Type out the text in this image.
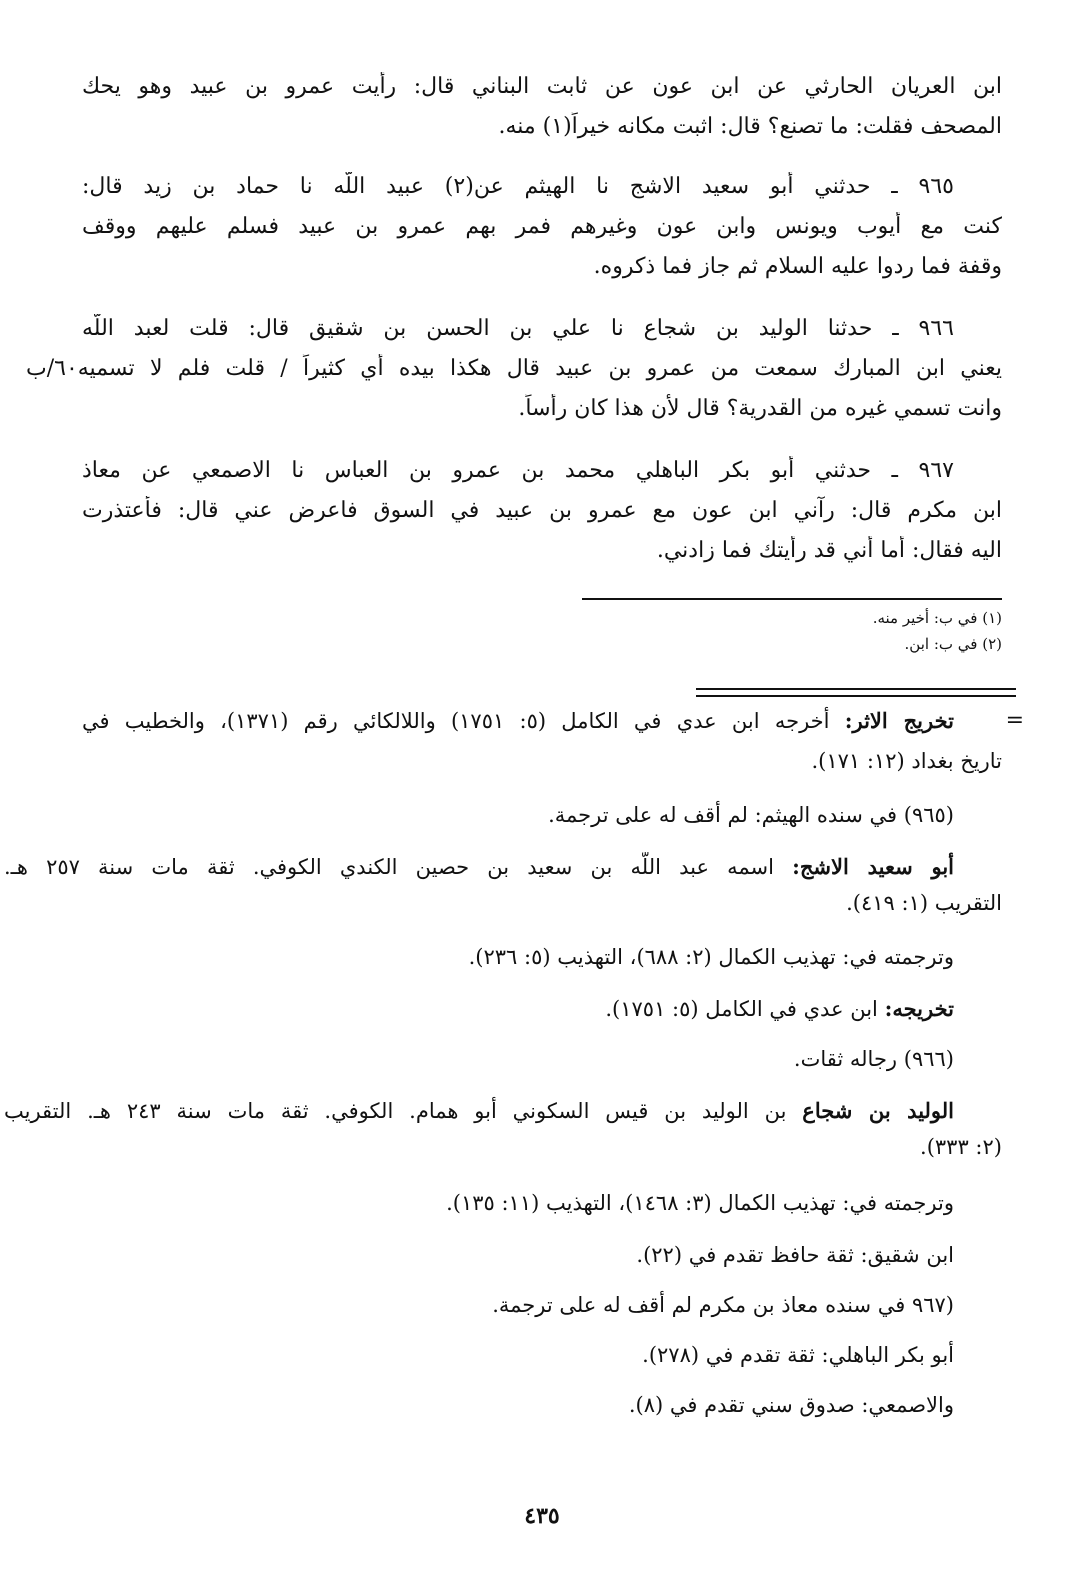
ابن العريان الحارثي عن ابن عون عن ثابت البناني قال: رأيت عمرو بن عبيد وهو يحك
المصحف فقلت: ما تصنع؟ قال: اثبت مكانه خيراً(١) منه.
٩٦٥ ـ حدثني أبو سعيد الاشج نا الهيثم عن(٢) عبيد اللّه نا حماد بن زيد قال:
كنت مع أيوب ويونس وابن عون وغيرهم فمر بهم عمرو بن عبيد فسلم عليهم ووقف
وقفة فما ردوا عليه السلام ثم جاز فما ذكروه.
٩٦٦ ـ حدثنا الوليد بن شجاع نا علي بن الحسن بن شقيق قال: قلت لعبد اللّه
يعني ابن المبارك سمعت من عمرو بن عبيد قال هكذا بيده أي كثيراً / قلت فلم لا تسميه٦٠/ب
وانت تسمي غيره من القدرية؟ قال لأن هذا كان رأساً.
٩٦٧ ـ حدثني أبو بكر الباهلي محمد بن عمرو بن العباس نا الاصمعي عن معاذ
ابن مكرم قال: رآني ابن عون مع عمرو بن عبيد في السوق فاعرض عني قال: فأعتذرت
اليه فقال: أما أني قد رأيتك فما زادني.
(١) في ب: أخير منه.
(٢) في ب: ابن.
=
تخريج الاثر: أخرجه ابن عدي في الكامل (٥: ١٧٥١) واللالكائي رقم (١٣٧١)، والخطيب في
تاريخ بغداد (١٢: ١٧١).
(٩٦٥) في سنده الهيثم: لم أقف له على ترجمة.
أبو سعيد الاشج: اسمه عبد اللّه بن سعيد بن حصين الكندي الكوفي. ثقة مات سنة ٢٥٧ هـ.
التقريب (١: ٤١٩).
وترجمته في: تهذيب الكمال (٢: ٦٨٨)، التهذيب (٥: ٢٣٦).
تخريجه: ابن عدي في الكامل (٥: ١٧٥١).
(٩٦٦) رجاله ثقات.
الوليد بن شجاع بن الوليد بن قيس السكوني أبو همام. الكوفي. ثقة مات سنة ٢٤٣ هـ. التقريب
(٢: ٣٣٣).
وترجمته في: تهذيب الكمال (٣: ١٤٦٨)، التهذيب (١١: ١٣٥).
ابن شقيق: ثقة حافظ تقدم في (٢٢).
(٩٦٧ في سنده معاذ بن مكرم لم أقف له على ترجمة.
أبو بكر الباهلي: ثقة تقدم في (٢٧٨).
والاصمعي: صدوق سني تقدم في (٨).
٤٣٥
